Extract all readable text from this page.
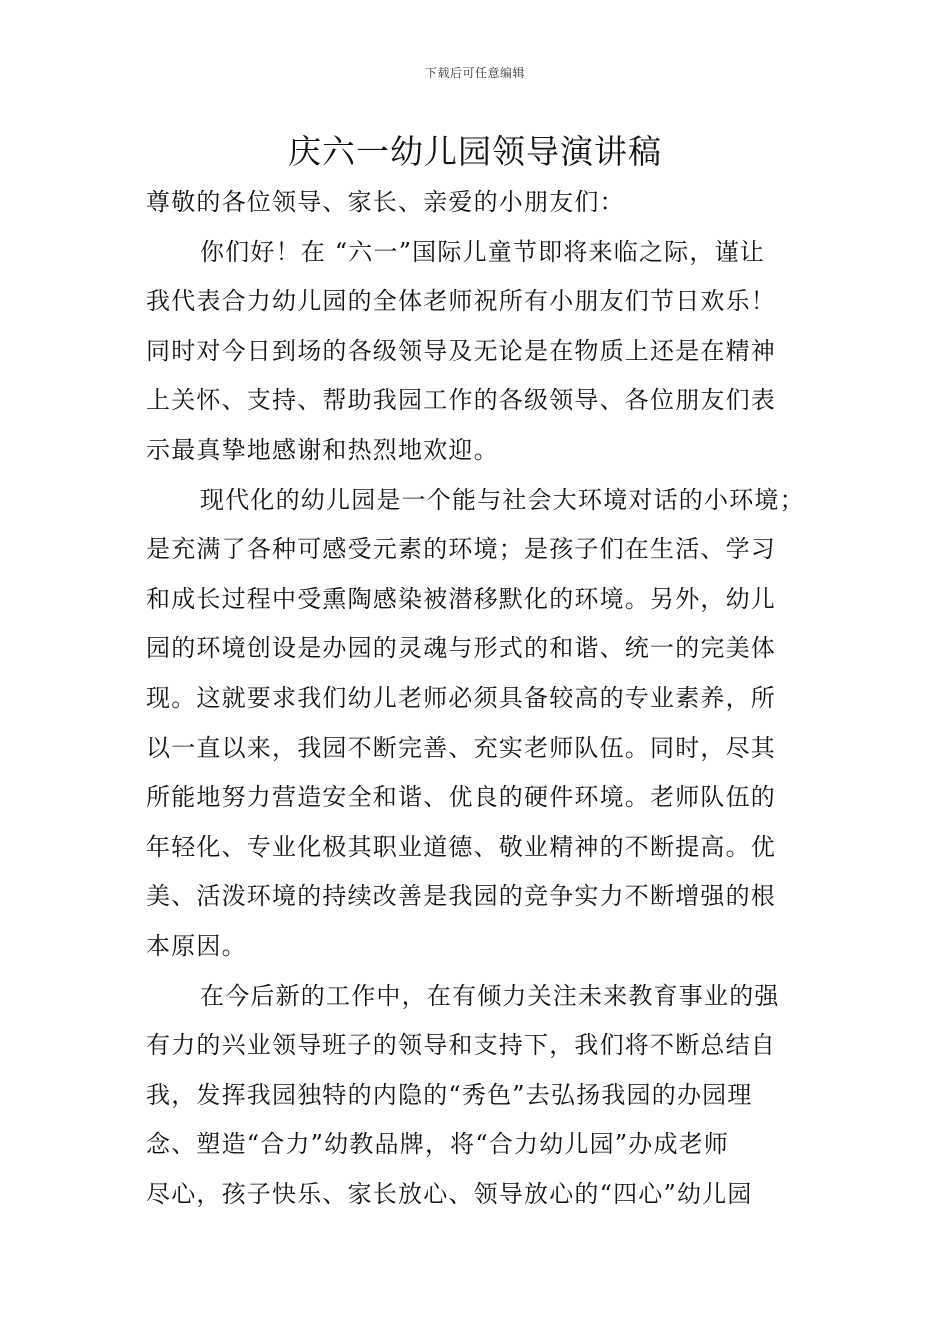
下载后可任意编辑
庆六一幼儿园领导演讲稿
尊敬的各位领导、家长、亲爱的小朋友们：
你们好！在 “六一”国际儿童节即将来临之际，谨让
我代表合力幼儿园的全体老师祝所有小朋友们节日欢乐！
同时对今日到场的各级领导及无论是在物质上还是在精神
上关怀、支持、帮助我园工作的各级领导、各位朋友们表
示最真挚地感谢和热烈地欢迎。
现代化的幼儿园是一个能与社会大环境对话的小环境；
是充满了各种可感受元素的环境；是孩子们在生活、学习
和成长过程中受熏陶感染被潜移默化的环境。另外，幼儿
园的环境创设是办园的灵魂与形式的和谐、统一的完美体
现。这就要求我们幼儿老师必须具备较高的专业素养，所
以一直以来，我园不断完善、充实老师队伍。同时，尽其
所能地努力营造安全和谐、优良的硬件环境。老师队伍的
年轻化、专业化极其职业道德、敬业精神的不断提高。优
美、活泼环境的持续改善是我园的竞争实力不断增强的根
本原因。
在今后新的工作中，在有倾力关注未来教育事业的强
有力的兴业领导班子的领导和支持下，我们将不断总结自
我，发挥我园独特的内隐的“秀色”去弘扬我园的办园理
念、塑造“合力”幼教品牌，将“合力幼儿园”办成老师
尽心，孩子快乐、家长放心、领导放心的“四心”幼儿园
